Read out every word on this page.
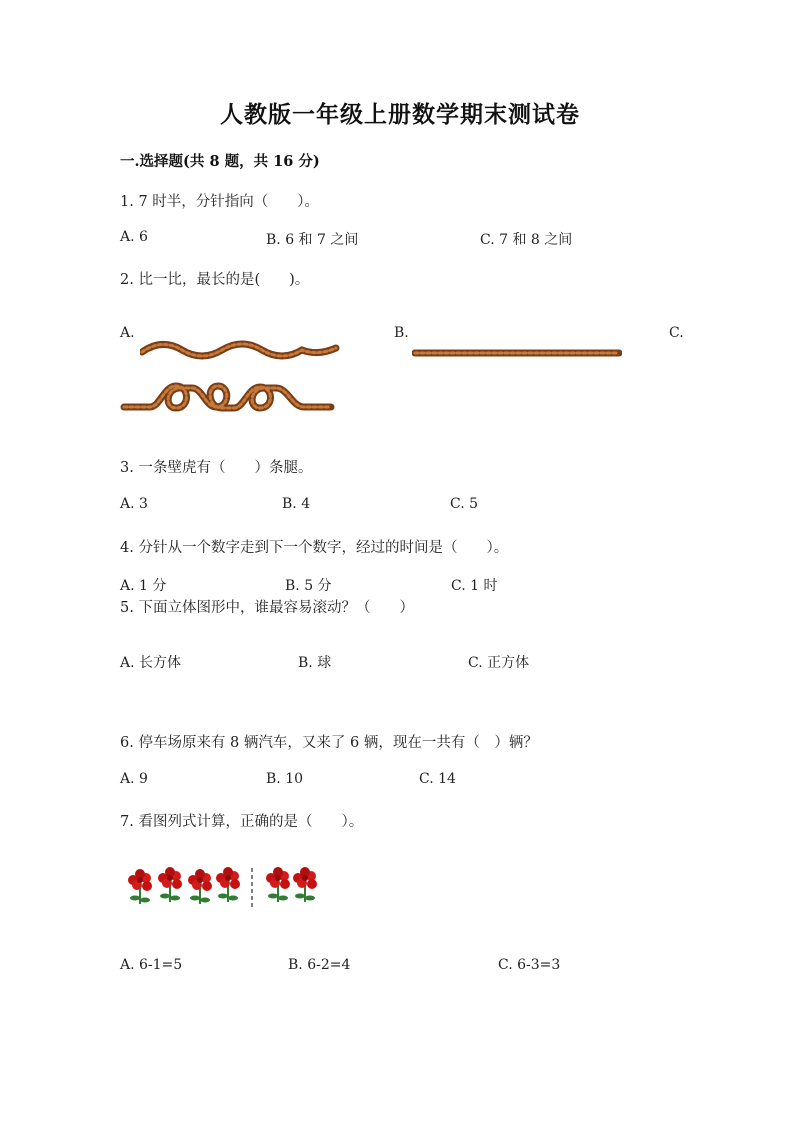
人教版一年级上册数学期末测试卷
一.选择题(共 8 题，共 16 分)
1. 7 时半，分针指向（　　）。
A. 6	B. 6 和 7 之间	C. 7 和 8 之间
2. 比一比，最长的是(　　)。
A.	B.	C.
3. 一条壁虎有（　　）条腿。
A. 3	B. 4	C. 5
4. 分针从一个数字走到下一个数字，经过的时间是（　　）。
A. 1 分	B. 5 分	C. 1 时
5. 下面立体图形中，谁最容易滚动？（　　）
A. 长方体	B. 球	C. 正方体
6. 停车场原来有 8 辆汽车，又来了 6 辆，现在一共有（　）辆？
A. 9	B. 10	C. 14
7. 看图列式计算，正确的是（　　）。
A. 6-1=5	B. 6-2=4	C. 6-3=3
